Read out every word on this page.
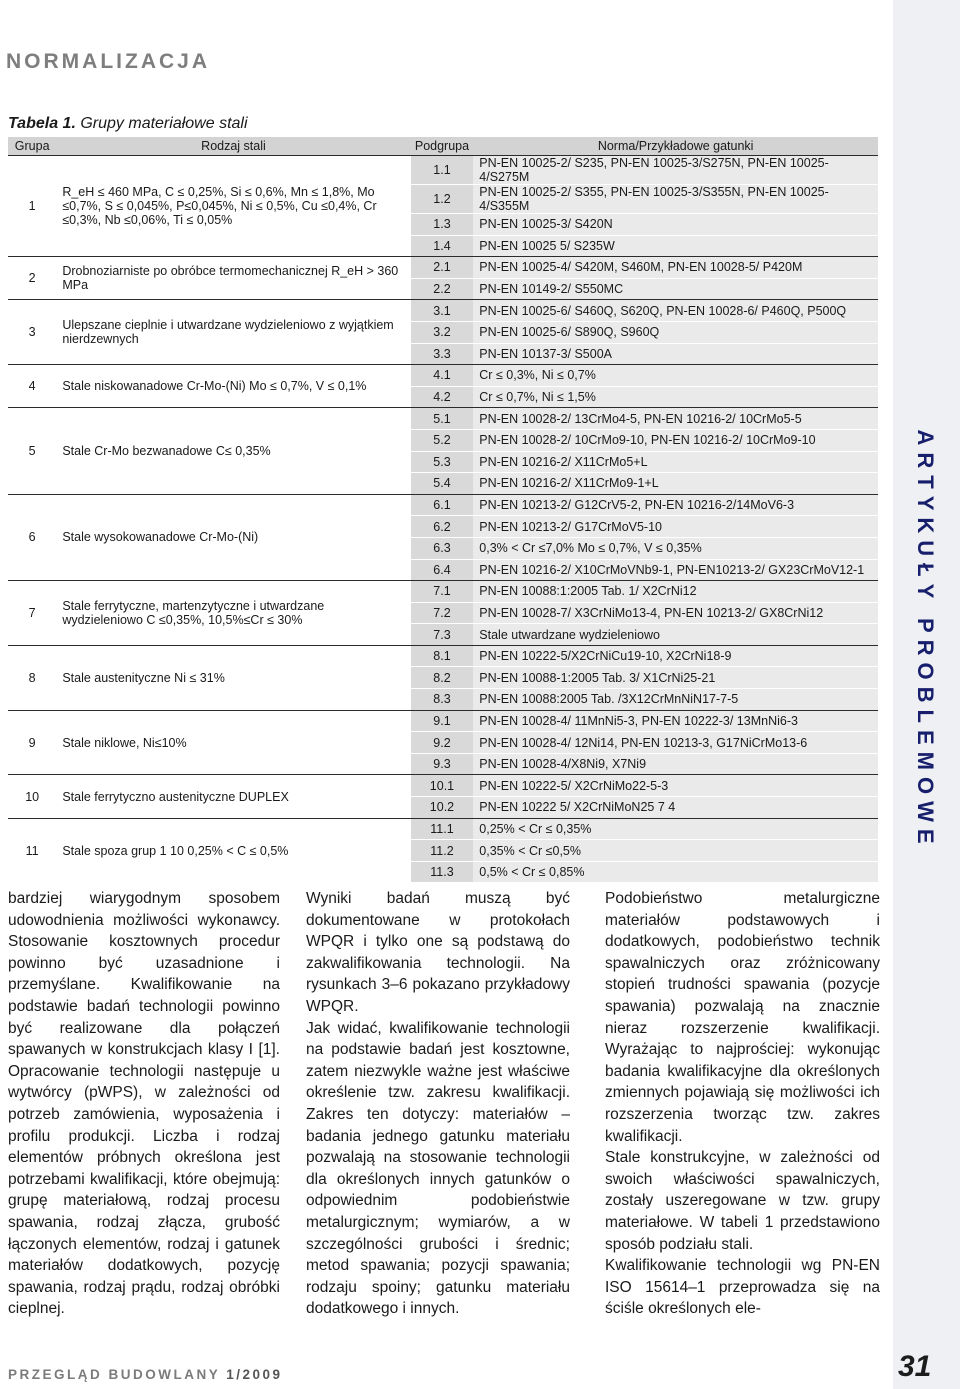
ARTYKUŁY PROBLEMOWE
NORMALIZACJA
Tabela 1. Grupy materiałowe stali
Grupa	Rodzaj stali	Podgrupa	Norma/Przykładowe gatunki
1	R_eH ≤ 460 MPa, C ≤ 0,25%, Si ≤ 0,6%, Mn ≤ 1,8%, Mo ≤0,7%, S ≤ 0,045%, P≤0,045%, Ni ≤ 0,5%, Cu ≤0,4%, Cr ≤0,3%, Nb ≤0,06%, Ti ≤ 0,05%	1.1	PN-EN 10025-2/ S235, PN-EN 10025-3/S275N, PN-EN 10025-4/S275M
		1.2	PN-EN 10025-2/ S355, PN-EN 10025-3/S355N, PN-EN 10025-4/S355M
		1.3	PN-EN 10025-3/ S420N
		1.4	PN-EN 10025 5/ S235W
2	Drobnoziarniste po obróbce termomechanicznej R_eH > 360 MPa	2.1	PN-EN 10025-4/ S420M, S460M, PN-EN 10028-5/ P420M
		2.2	PN-EN 10149-2/ S550MC
3	Ulepszane cieplnie i utwardzane wydzieleniowo z wyjątkiem nierdzewnych	3.1	PN-EN 10025-6/ S460Q, S620Q, PN-EN 10028-6/ P460Q, P500Q
		3.2	PN-EN 10025-6/ S890Q, S960Q
		3.3	PN-EN 10137-3/ S500A
4	Stale niskowanadowe Cr-Mo-(Ni) Mo ≤ 0,7%, V ≤ 0,1%	4.1	Cr ≤ 0,3%, Ni ≤ 0,7%
		4.2	Cr ≤ 0,7%, Ni ≤ 1,5%
5	Stale Cr-Mo bezwanadowe C≤ 0,35%	5.1	PN-EN 10028-2/ 13CrMo4-5, PN-EN 10216-2/ 10CrMo5-5
		5.2	PN-EN 10028-2/ 10CrMo9-10, PN-EN 10216-2/ 10CrMo9-10
		5.3	PN-EN 10216-2/ X11CrMo5+L
		5.4	PN-EN 10216-2/ X11CrMo9-1+L
6	Stale wysokowanadowe Cr-Mo-(Ni)	6.1	PN-EN 10213-2/ G12CrV5-2, PN-EN 10216-2/14MoV6-3
		6.2	PN-EN 10213-2/ G17CrMoV5-10
		6.3	0,3% < Cr ≤7,0% Mo ≤ 0,7%, V ≤ 0,35%
		6.4	PN-EN 10216-2/ X10CrMoVNb9-1, PN-EN10213-2/ GX23CrMoV12-1
7	Stale ferrytyczne, martenzytyczne i utwardzane wydzieleniowo C ≤0,35%, 10,5%≤Cr ≤ 30%	7.1	PN-EN 10088:1:2005 Tab. 1/ X2CrNi12
		7.2	PN-EN 10028-7/ X3CrNiMo13-4, PN-EN 10213-2/ GX8CrNi12
		7.3	Stale utwardzane wydzieleniowo
8	Stale austenityczne Ni ≤ 31%	8.1	PN-EN 10222-5/X2CrNiCu19-10, X2CrNi18-9
		8.2	PN-EN 10088-1:2005 Tab. 3/ X1CrNi25-21
		8.3	PN-EN 10088:2005 Tab. /3X12CrMnNiN17-7-5
9	Stale niklowe, Ni≤10%	9.1	PN-EN 10028-4/ 11MnNi5-3, PN-EN 10222-3/ 13MnNi6-3
		9.2	PN-EN 10028-4/ 12Ni14, PN-EN 10213-3, G17NiCrMo13-6
		9.3	PN-EN 10028-4/X8Ni9, X7Ni9
10	Stale ferrytyczno austenityczne DUPLEX	10.1	PN-EN 10222-5/ X2CrNiMo22-5-3
		10.2	PN-EN 10222 5/ X2CrNiMoN25 7 4
11	Stale spoza grup 1 10 0,25% < C ≤ 0,5%	11.1	0,25% < Cr ≤ 0,35%
		11.2	0,35% < Cr ≤0,5%
		11.3	0,5% < Cr ≤ 0,85%

bardziej wiarygodnym sposobem udowodnienia możliwości wykonawcy. Stosowanie kosztownych procedur powinno być uzasadnione i przemyślane. Kwalifikowanie na podstawie badań technologii powinno być realizowane dla połączeń spawanych w konstrukcjach klasy I [1]. Opracowanie technologii następuje u wytwórcy (pWPS), w zależności od potrzeb zamówienia, wyposażenia i profilu produkcji. Liczba i rodzaj elementów próbnych określona jest potrzebami kwalifikacji, które obejmują: grupę materiałową, rodzaj procesu spawania, rodzaj złącza, grubość łączonych elementów, rodzaj i gatunek materiałów dodatkowych, pozycję spawania, rodzaj prądu, rodzaj obróbki cieplnej.

Wyniki badań muszą być dokumentowane w protokołach WPQR i tylko one są podstawą do zakwalifikowania technologii. Na rysunkach 3–6 pokazano przykładowy WPQR.

Jak widać, kwalifikowanie technologii na podstawie badań jest kosztowne, zatem niezwykle ważne jest właściwe określenie tzw. zakresu kwalifikacji. Zakres ten dotyczy: materiałów – badania jednego gatunku materiału pozwalają na stosowanie technologii dla określonych innych gatunków o odpowiednim podobieństwie metalurgicznym; wymiarów, a w szczególności grubości i średnic; metod spawania; pozycji spawania; rodzaju spoiny; gatunku materiału dodatkowego i innych.

Podobieństwo metalurgiczne materiałów podstawowych i dodatkowych, podobieństwo technik spawalniczych oraz zróżnicowany stopień trudności spawania (pozycje spawania) pozwalają na znacznie nieraz rozszerzenie kwalifikacji. Wyrażając to najprościej: wykonując badania kwalifikacyjne dla określonych zmiennych pojawiają się możliwości ich rozszerzenia tworząc tzw. zakres kwalifikacji.

Stale konstrukcyjne, w zależności od swoich właściwości spawalniczych, zostały uszeregowane w tzw. grupy materiałowe. W tabeli 1 przedstawiono sposób podziału stali.

Kwalifikowanie technologii wg PN-EN ISO 15614–1 przeprowadza się na ściśle określonych ele-

PRZEGLĄD BUDOWLANY 1/2009	31
